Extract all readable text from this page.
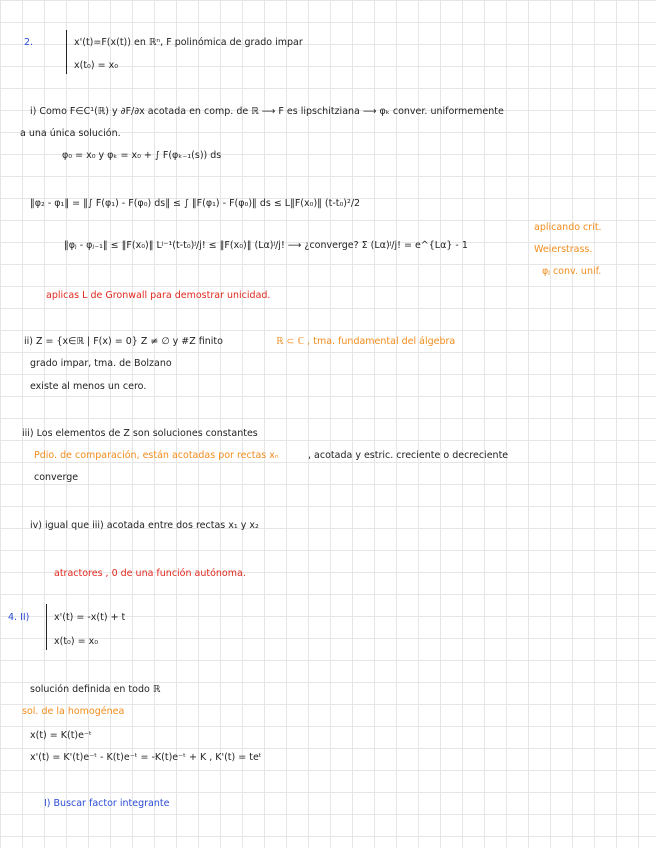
2.	x'(t)=F(x(t)) en ℝⁿ, F polinómica de grado impar
x(t₀) = x₀
i) Como F∈C¹(ℝ) y ∂F/∂x acotada en comp. de ℝ ⟶ F es lipschitziana ⟶ φₖ conver. uniformemente
a una única solución.
φ₀ = x₀ y φₖ = x₀ + ∫ F(φₖ₋₁(s)) ds
‖φ₂ - φ₁‖ = ‖∫ F(φ₁) - F(φ₀) ds‖ ≤ ∫ ‖F(φ₁) - F(φ₀)‖ ds ≤ L‖F(x₀)‖ (t-t₀)²/2
‖φⱼ - φⱼ₋₁‖ ≤ ‖F(x₀)‖ Lʲ⁻¹(t-t₀)ʲ/j! ≤ ‖F(x₀)‖ (Lα)ʲ/j! ⟶ ¿converge? Σ (Lα)ʲ/j! = e^{Lα} - 1
aplicando crit.
Weierstrass.
φⱼ conv. unif.
aplicas L de Gronwall para demostrar unicidad.
ii) Z = {x∈ℝ | F(x) = 0} Z ≠ ∅ y #Z finito	ℝ ⊂ ℂ , tma. fundamental del álgebra
grado impar, tma. de Bolzano
existe al menos un cero.
iii) Los elementos de Z son soluciones constantes
Pdio. de comparación, están acotadas por rectas xₙ	, acotada y estric. creciente o decreciente
converge
iv) igual que iii) acotada entre dos rectas x₁ y x₂
atractores , 0 de una función autónoma.
4. II)	x'(t) = -x(t) + t
x(t₀) = x₀
solución definida en todo ℝ
sol. de la homogénea
x(t) = K(t)e⁻ᵗ
x'(t) = K'(t)e⁻ᵗ - K(t)e⁻ᵗ = -K(t)e⁻ᵗ + K , K'(t) = teᵗ
I) Buscar factor integrante
